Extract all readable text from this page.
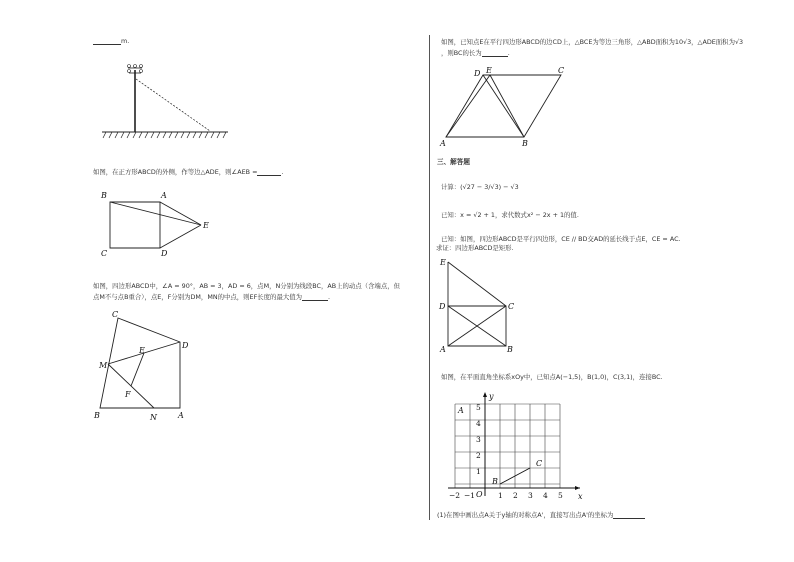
m.
如图，在正方形ABCD的外侧，作等边△ADE，则∠AEB =	.
B	A
C	D
E
如图，四边形ABCD中，∠A = 90°，AB = 3，AD = 6，点M，N分别为线段BC，AB上的动点（含端点，但
点M不与点B重合），点E，F分别为DM，MN的中点，则EF长度的最大值为	.
C
D
E
F
M
B	N	A
如图，已知点E在平行四边形ABCD的边CD上，△BCE为等边三角形，△ABD面积为10√3，△ADE面积为√3
，则BC的长为	.
A	B
C
D E
三、解答题
计算：(√27 − 3/√3) − √3
已知：x = √2 + 1，求代数式x² − 2x + 1的值.
已知：如图，四边形ABCD是平行四边形，CE // BD交AD的延长线于点E，CE = AC.
求证：四边形ABCD是矩形.
E
D	C
A	B
如图，在平面直角坐标系xOy中，已知点A(−1,5)，B(1,0)，C(3,1)，连接BC.
y
x
O
A
B
C
5
4
3
2
1
−2 −1	1 2 3 4 5
(1)在图中画出点A关于y轴的对称点A'，直接写出点A'的坐标为
